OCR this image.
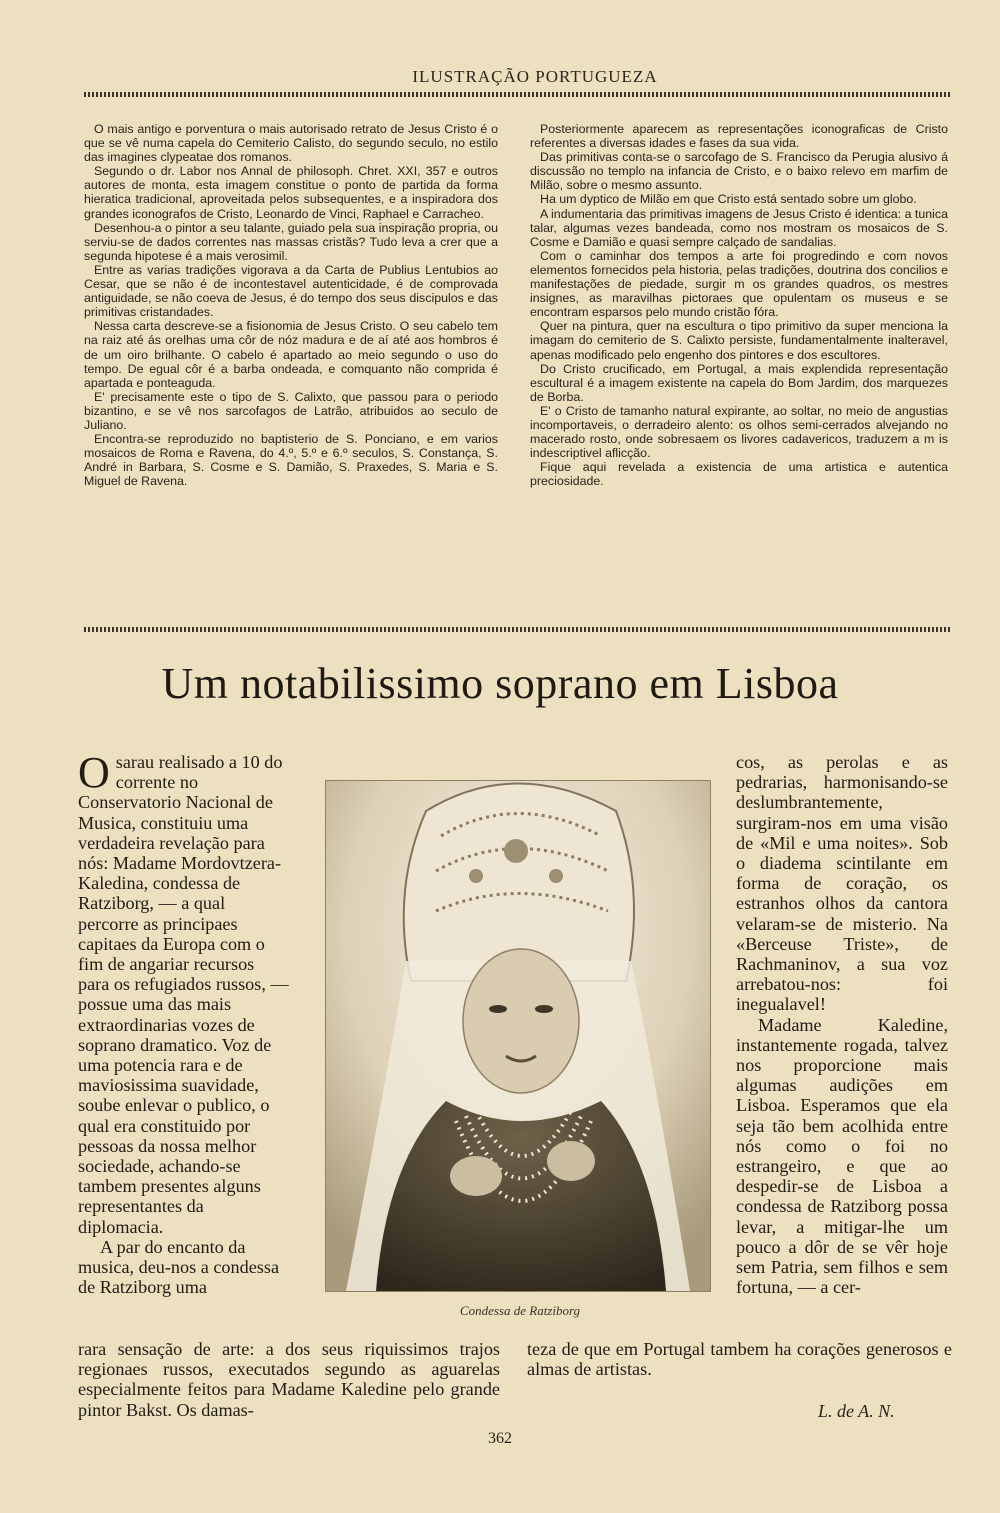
ILUSTRAÇÃO PORTUGUEZA

O mais antigo e porventura o mais autorisado retrato de Jesus Cristo é o que se vê numa capela do Cemiterio Calisto, do segundo seculo, no estilo das imagines clypeatae dos romanos.

Segundo o dr. Labor nos Annal de philosoph. Chret. XXI, 357 e outros autores de monta, esta imagem constitue o ponto de partida da forma hieratica tradicional, aproveitada pelos subsequentes, e a inspiradora dos grandes iconografos de Cristo, Leonardo de Vinci, Raphael e Carracheo.

Desenhou-a o pintor a seu talante, guiado pela sua inspiração propria, ou serviu-se de dados correntes nas massas cristãs? Tudo leva a crer que a segunda hipotese é a mais verosimil.

Entre as varias tradições vigorava a da Carta de Publius Lentubios ao Cesar, que se não é de incontestavel autenticidade, é de comprovada antiguidade, se não coeva de Jesus, é do tempo dos seus discipulos e das primitivas cristandades.

Nessa carta descreve-se a fisionomia de Jesus Cristo. O seu cabelo tem na raiz até ás orelhas uma côr de nóz madura e de aí até aos hombros é de um oiro brilhante. O cabelo é apartado ao meio segundo o uso do tempo. De egual côr é a barba ondeada, e comquanto não comprida é apartada e ponteaguda.

E' precisamente este o tipo de S. Calixto, que passou para o periodo bizantino, e se vê nos sarcofagos de Latrão, atribuidos ao seculo de Juliano.

Encontra-se reproduzido no baptisterio de S. Ponciano, e em varios mosaicos de Roma e Ravena, do 4.º, 5.º e 6.º seculos, S. Constança, S. André in Barbara, S. Cosme e S. Damião, S. Praxedes, S. Maria e S. Miguel de Ravena.

Posteriormente aparecem as representações iconograficas de Cristo referentes a diversas idades e fases da sua vida.

Das primitivas conta-se o sarcofago de S. Francisco da Perugia alusivo á discussão no templo na infancia de Cristo, e o baixo relevo em marfim de Milão, sobre o mesmo assunto.

Ha um dyptico de Milão em que Cristo está sentado sobre um globo.

A indumentaria das primitivas imagens de Jesus Cristo é identica: a tunica talar, algumas vezes bandeada, como nos mostram os mosaicos de S. Cosme e Damião e quasi sempre calçado de sandalias.

Com o caminhar dos tempos a arte foi progredindo e com novos elementos fornecidos pela historia, pelas tradições, doutrina dos concilios e manifestações de piedade, surgir m os grandes quadros, os mestres insignes, as maravilhas pictoraes que opulentam os museus e se encontram esparsos pelo mundo cristão fóra.

Quer na pintura, quer na escultura o tipo primitivo da super menciona la imagam do cemiterio de S. Calixto persiste, fundamentalmente inalteravel, apenas modificado pelo engenho dos pintores e dos escultores.

Do Cristo crucificado, em Portugal, a mais explendida representação escultural é a imagem existente na capela do Bom Jardim, dos marquezes de Borba.

E' o Cristo de tamanho natural expirante, ao soltar, no meio de angustias incomportaveis, o derradeiro alento: os olhos semi-cerrados alvejando no macerado rosto, onde sobresaem os livores cadavericos, traduzem a m is indescriptivel aflicção.

Fique aqui revelada a existencia de uma artistica e autentica preciosidade.

Um notabilissimo soprano em Lisboa

Osarau realisado a 10 do corrente no Conservatorio Nacional de Musica, constituiu uma verdadeira revelação para nós: Madame Mordovtzera-Kaledina, condessa de Ratziborg, — a qual percorre as principaes capitaes da Europa com o fim de angariar recursos para os refugiados russos, — possue uma das mais extraordinarias vozes de soprano dramatico. Voz de uma potencia rara e de maviosissima suavidade, soube enlevar o publico, o qual era constituido por pessoas da nossa melhor sociedade, achando-se tambem presentes alguns representantes da diplomacia.

A par do encanto da musica, deu-nos a condessa de Ratziborg uma

Condessa de Ratziborg

cos, as perolas e as pedrarias, harmonisando-se deslumbrantemente, surgiram-nos em uma visão de «Mil e uma noites». Sob o diadema scintilante em forma de coração, os estranhos olhos da cantora velaram-se de misterio. Na «Berceuse Triste», de Rachmaninov, a sua voz arrebatou-nos: foi inegualavel!

Madame Kaledine, instantemente rogada, talvez nos proporcione mais algumas audições em Lisboa. Esperamos que ela seja tão bem acolhida entre nós como o foi no estrangeiro, e que ao despedir-se de Lisboa a condessa de Ratziborg possa levar, a mitigar-lhe um pouco a dôr de se vêr hoje sem Patria, sem filhos e sem fortuna, — a cer-

rara sensação de arte: a dos seus riquissimos trajos regionaes russos, executados segundo as aguarelas especialmente feitos para Madame Kaledine pelo grande pintor Bakst. Os damas-
teza de que em Portugal tambem ha corações generosos e almas de artistas.
L. de A. N.
362
